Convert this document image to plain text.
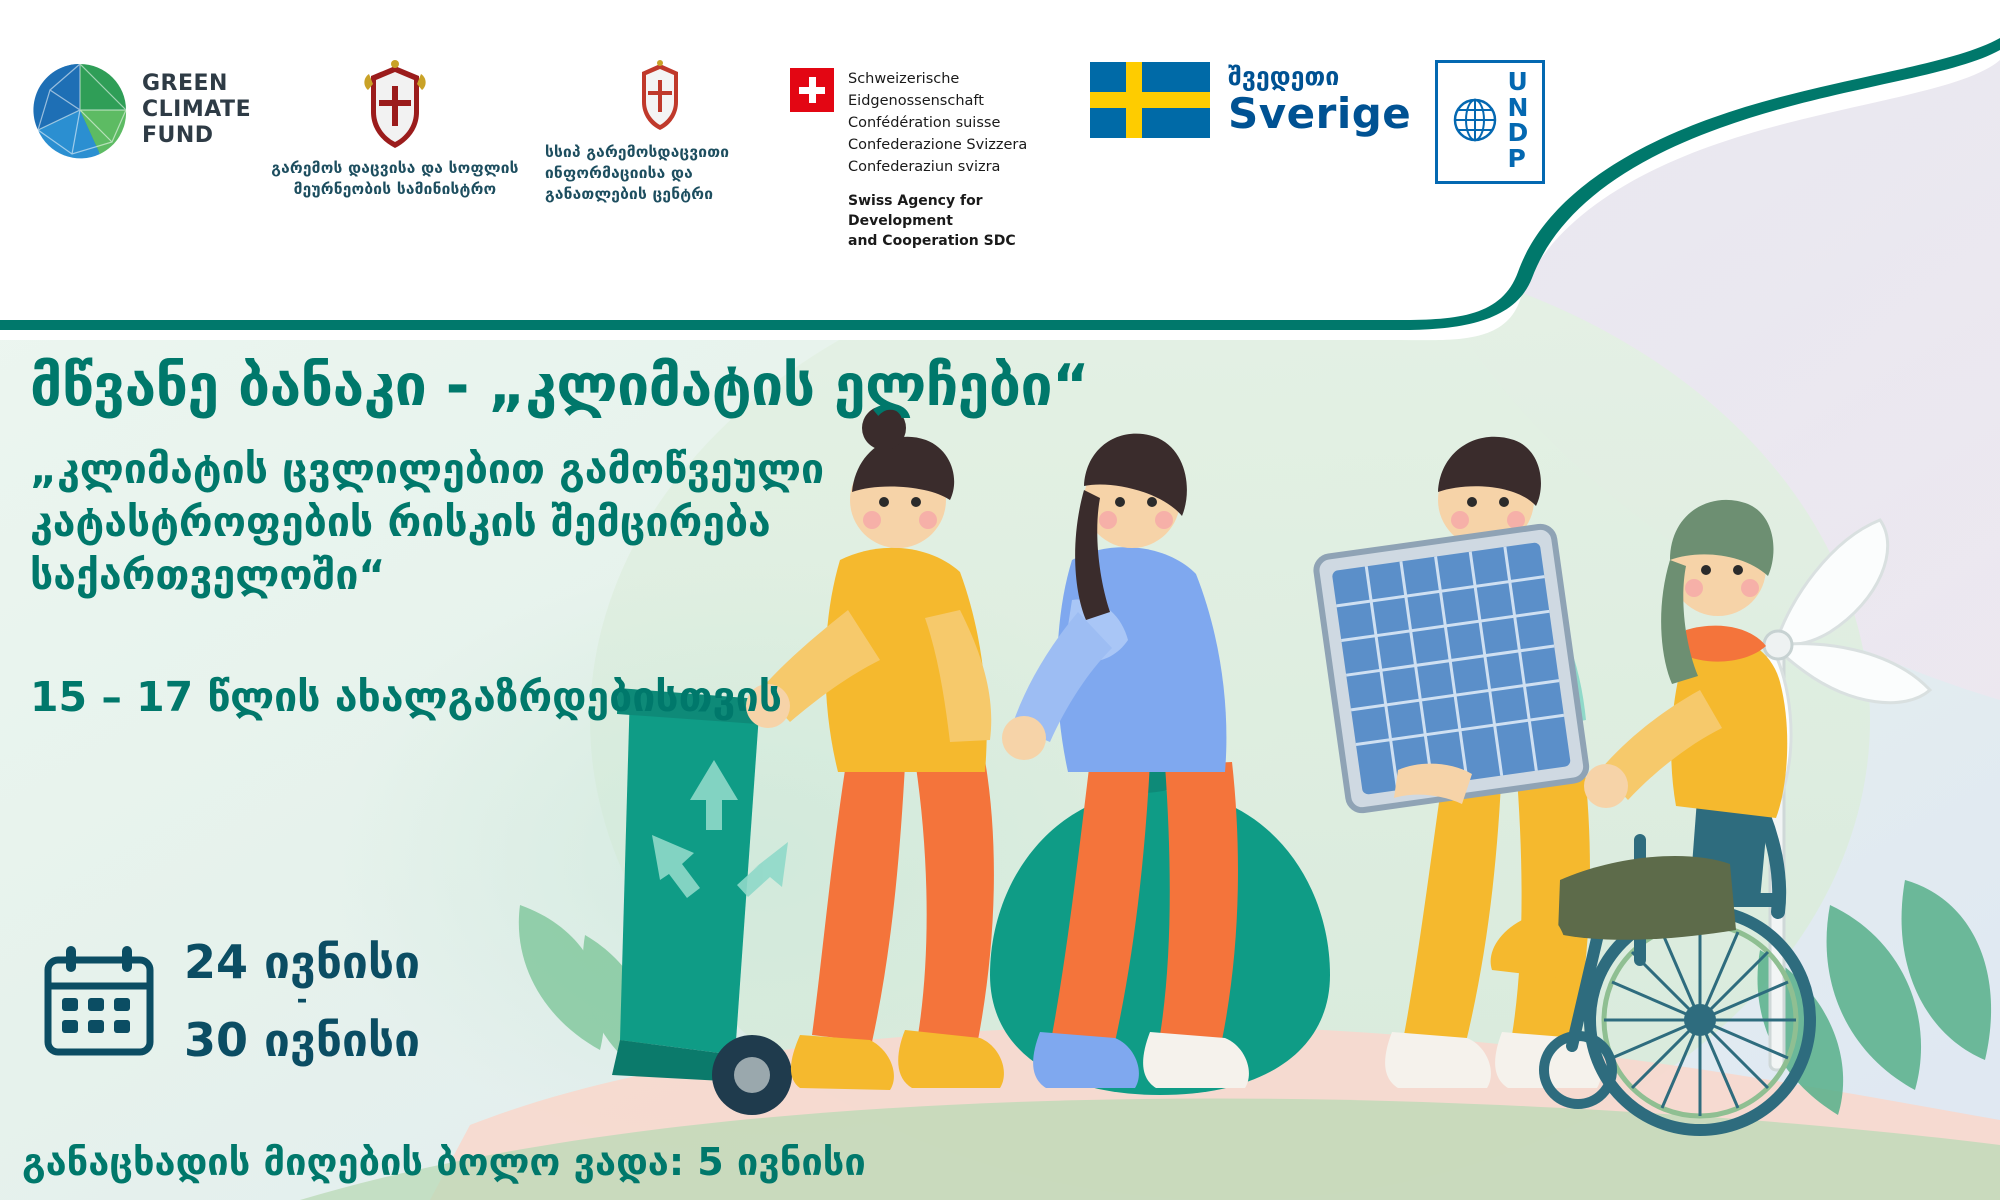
GREEN
CLIMATE
FUND
გარემოს დაცვისა და სოფლის მეურნეობის სამინისტრო
სსიპ გარემოსდაცვითი ინფორმაციისა და განათლების ცენტრი
Schweizerische Eidgenossenschaft
Confédération suisse
Confederazione Svizzera
Confederaziun svizra
Swiss Agency for Development
and Cooperation SDC
შვედეთი
Sverige
U
N
D
P
მწვანე ბანაკი - „კლიმატის ელჩები“
„კლიმატის ცვლილებით გამოწვეული კატასტროფების რისკის შემცირება საქართველოში“
15 – 17 წლის ახალგაზრდებისთვის
24 ივნისი
-
30 ივნისი
განაცხადის მიღების ბოლო ვადა: 5 ივნისი
